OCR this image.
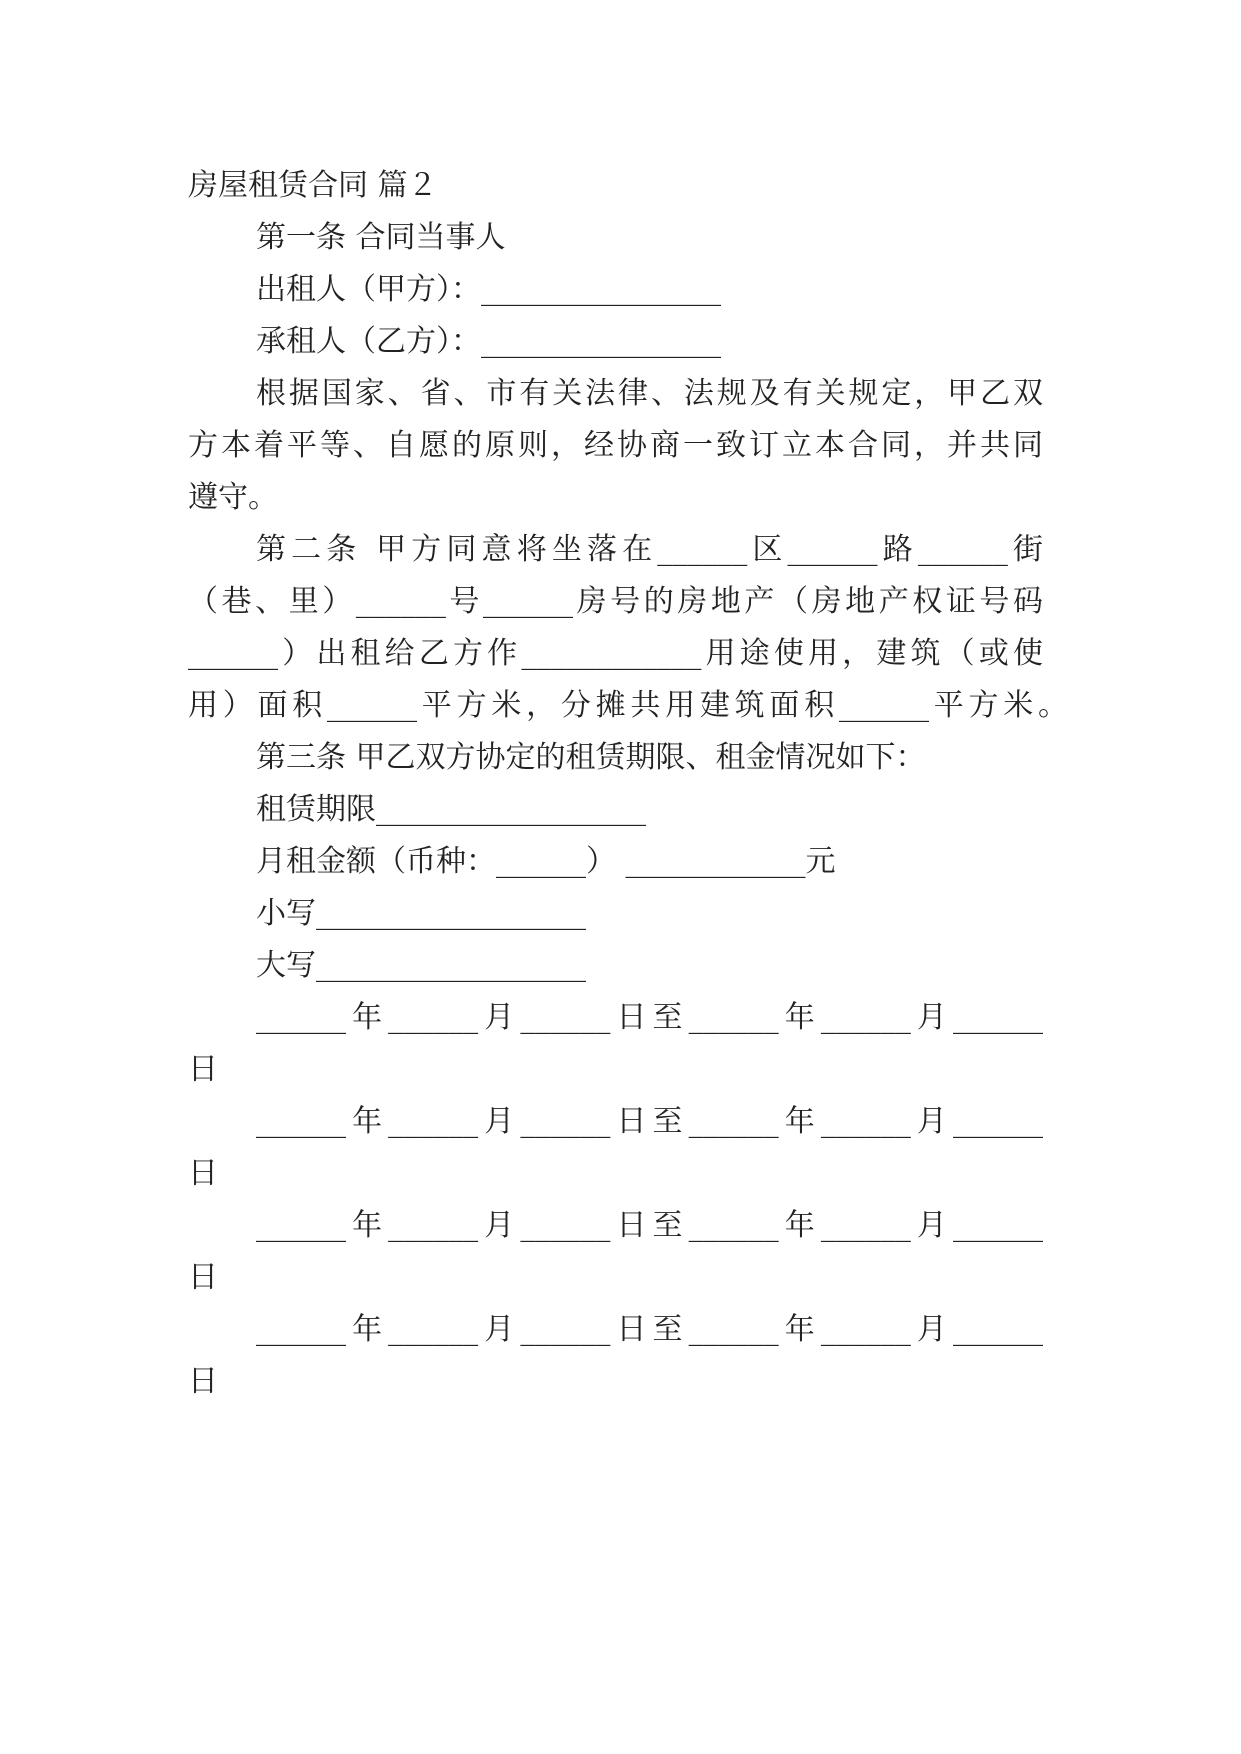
房屋租赁合同 篇２
第一条 合同当事人
出租人（甲方）：________________
承租人（乙方）：________________
根据国家、省、市有关法律、法规及有关规定，甲乙双
方本着平等、自愿的原则，经协商一致订立本合同，并共同
遵守。
第二条 甲方同意将坐落在______区______路______街
（巷、里）______号______房号的房地产（房地产权证号码
______）出租给乙方作____________用途使用，建筑（或使
用）面积______平方米，分摊共用建筑面积______平方米。
第三条 甲乙双方协定的租赁期限、租金情况如下：
租赁期限__________________
月租金额（币种：______） ____________元
小写__________________
大写__________________
______年______月______日至______年______月______
日
______年______月______日至______年______月______
日
______年______月______日至______年______月______
日
______年______月______日至______年______月______
日
